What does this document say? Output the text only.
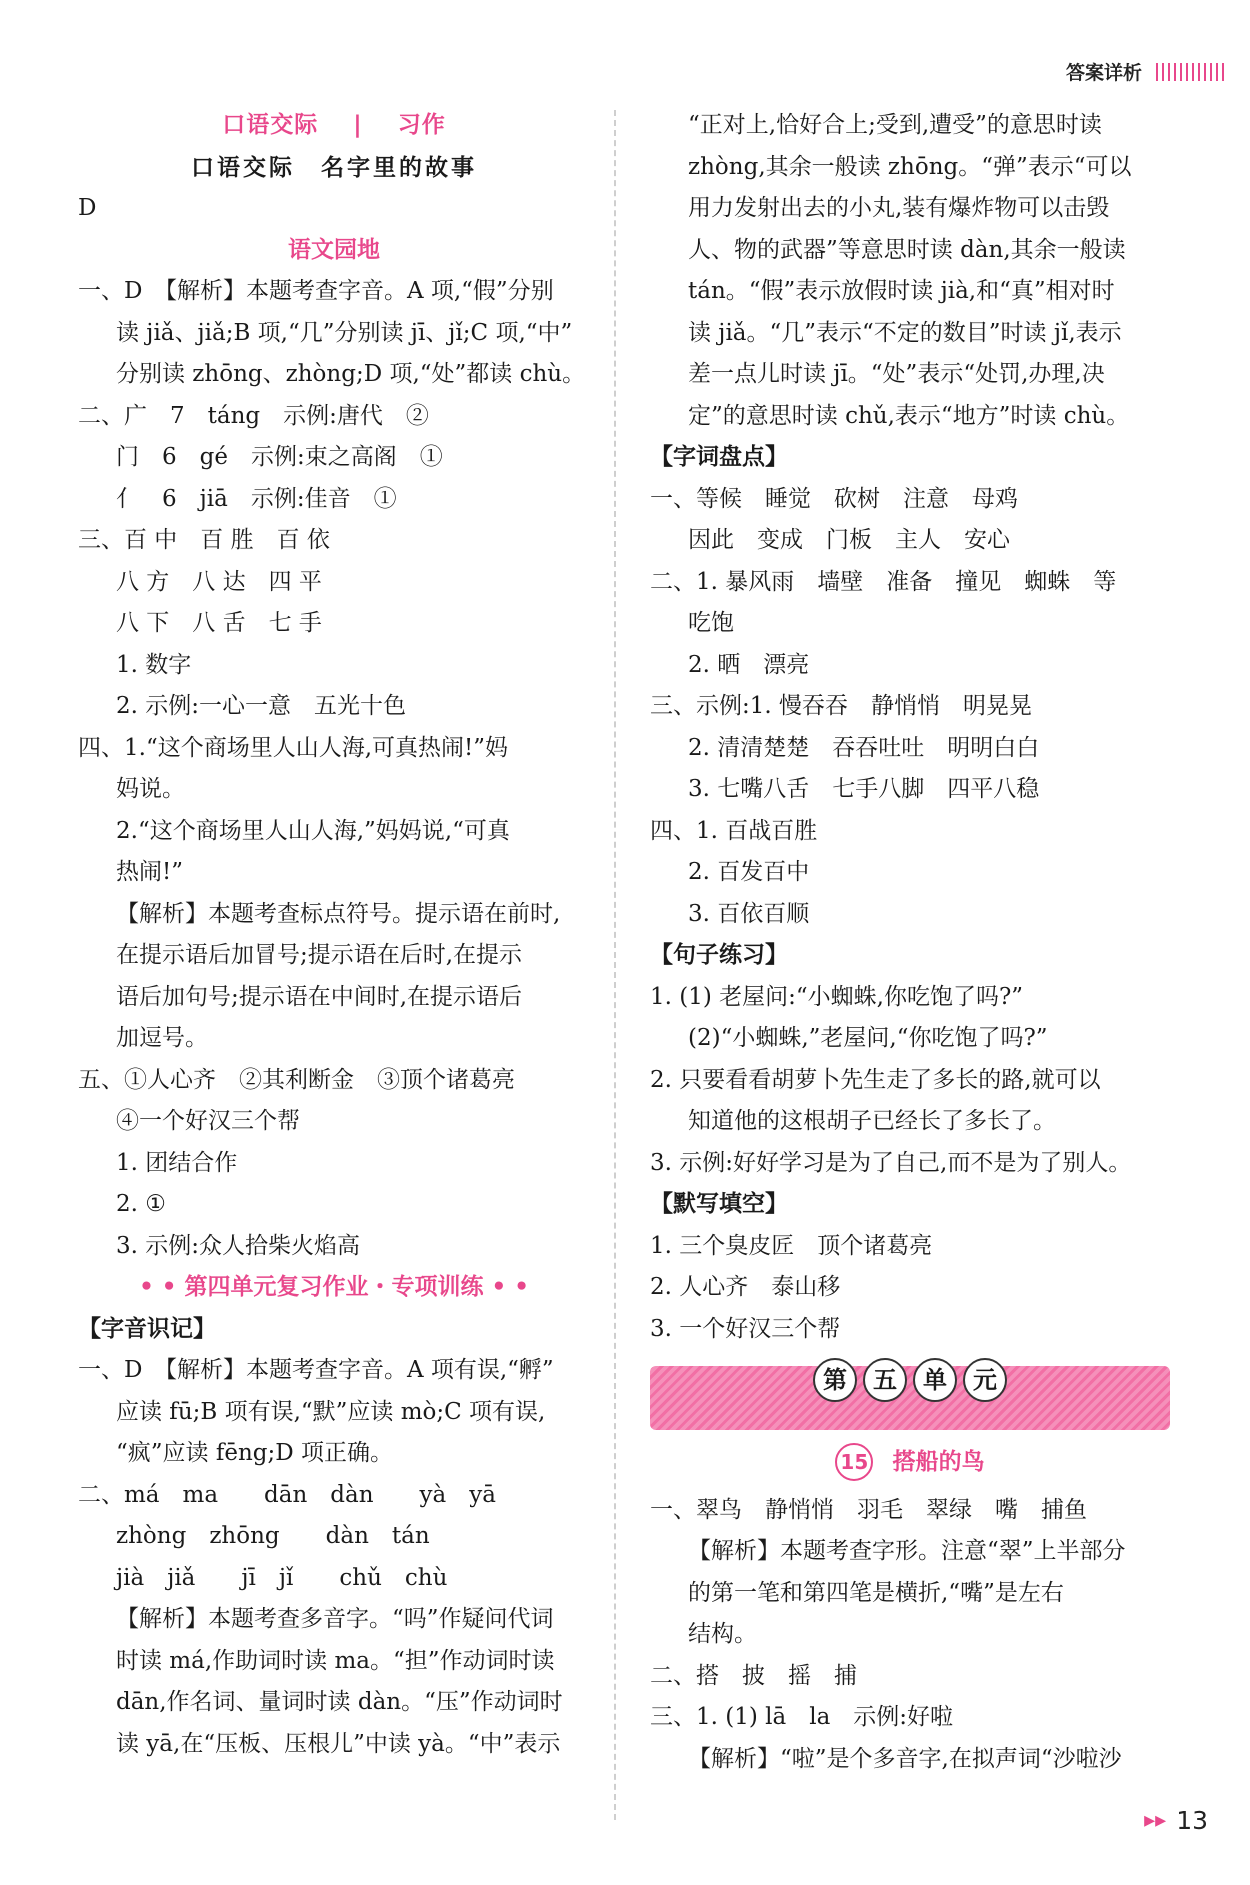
答案详析
口语交际 | 习作
口语交际　名字里的故事
D
语文园地
一、D　【解析】本题考查字音。A 项,“假”分别
读 jiǎ、jiǎ;B 项,“几”分别读 jī、jǐ;C 项,“中”
分别读 zhōng、zhòng;D 项,“处”都读 chù。
二、广　7　táng　示例:唐代　②
门　6　gé　示例:束之高阁　①
亻　6　jiā　示例:佳音　①
三、百 中　百 胜　百 依
八 方　八 达　四 平
八 下　八 舌　七 手
1. 数字
2. 示例:一心一意　五光十色
四、1.“这个商场里人山人海,可真热闹!”妈
妈说。
2.“这个商场里人山人海,”妈妈说,“可真
热闹!”
【解析】本题考查标点符号。提示语在前时,
在提示语后加冒号;提示语在后时,在提示
语后加句号;提示语在中间时,在提示语后
加逗号。
五、①人心齐　②其利断金　③顶个诸葛亮
④一个好汉三个帮
1. 团结合作
2. ①
3. 示例:众人拾柴火焰高
• • 第四单元复习作业・专项训练 • •
【字音识记】
一、D　【解析】本题考查字音。A 项有误,“孵”
应读 fū;B 项有误,“默”应读 mò;C 项有误,
“疯”应读 fēng;D 项正确。
二、má　ma　　dān　dàn　　yà　yā
zhòng　zhōng　　dàn　tán
jià　jiǎ　　jī　jǐ　　chǔ　chù
【解析】本题考查多音字。“吗”作疑问代词
时读 má,作助词时读 ma。“担”作动词时读
dān,作名词、量词时读 dàn。“压”作动词时
读 yā,在“压板、压根儿”中读 yà。“中”表示
“正对上,恰好合上;受到,遭受”的意思时读
zhòng,其余一般读 zhōng。“弹”表示“可以
用力发射出去的小丸,装有爆炸物可以击毁
人、物的武器”等意思时读 dàn,其余一般读
tán。“假”表示放假时读 jià,和“真”相对时
读 jiǎ。“几”表示“不定的数目”时读 jǐ,表示
差一点儿时读 jī。“处”表示“处罚,办理,决
定”的意思时读 chǔ,表示“地方”时读 chù。
【字词盘点】
一、等候　睡觉　砍树　注意　母鸡
因此　变成　门板　主人　安心
二、1. 暴风雨　墙壁　准备　撞见　蜘蛛　等
吃饱
2. 晒　漂亮
三、示例:1. 慢吞吞　静悄悄　明晃晃
2. 清清楚楚　吞吞吐吐　明明白白
3. 七嘴八舌　七手八脚　四平八稳
四、1. 百战百胜
2. 百发百中
3. 百依百顺
【句子练习】
1. (1) 老屋问:“小蜘蛛,你吃饱了吗?”
(2)“小蜘蛛,”老屋问,“你吃饱了吗?”
2. 只要看看胡萝卜先生走了多长的路,就可以
知道他的这根胡子已经长了多长了。
3. 示例:好好学习是为了自己,而不是为了别人。
【默写填空】
1. 三个臭皮匠　顶个诸葛亮
2. 人心齐　泰山移
3. 一个好汉三个帮
第	五	单	元
15 搭船的鸟
一、翠鸟　静悄悄　羽毛　翠绿　嘴　捕鱼
【解析】本题考查字形。注意“翠”上半部分
的第一笔和第四笔是横折,“嘴”是左右
结构。
二、搭　披　摇　捕
三、1. (1) lā　la　示例:好啦
【解析】“啦”是个多音字,在拟声词“沙啦沙
▸▸ 13
